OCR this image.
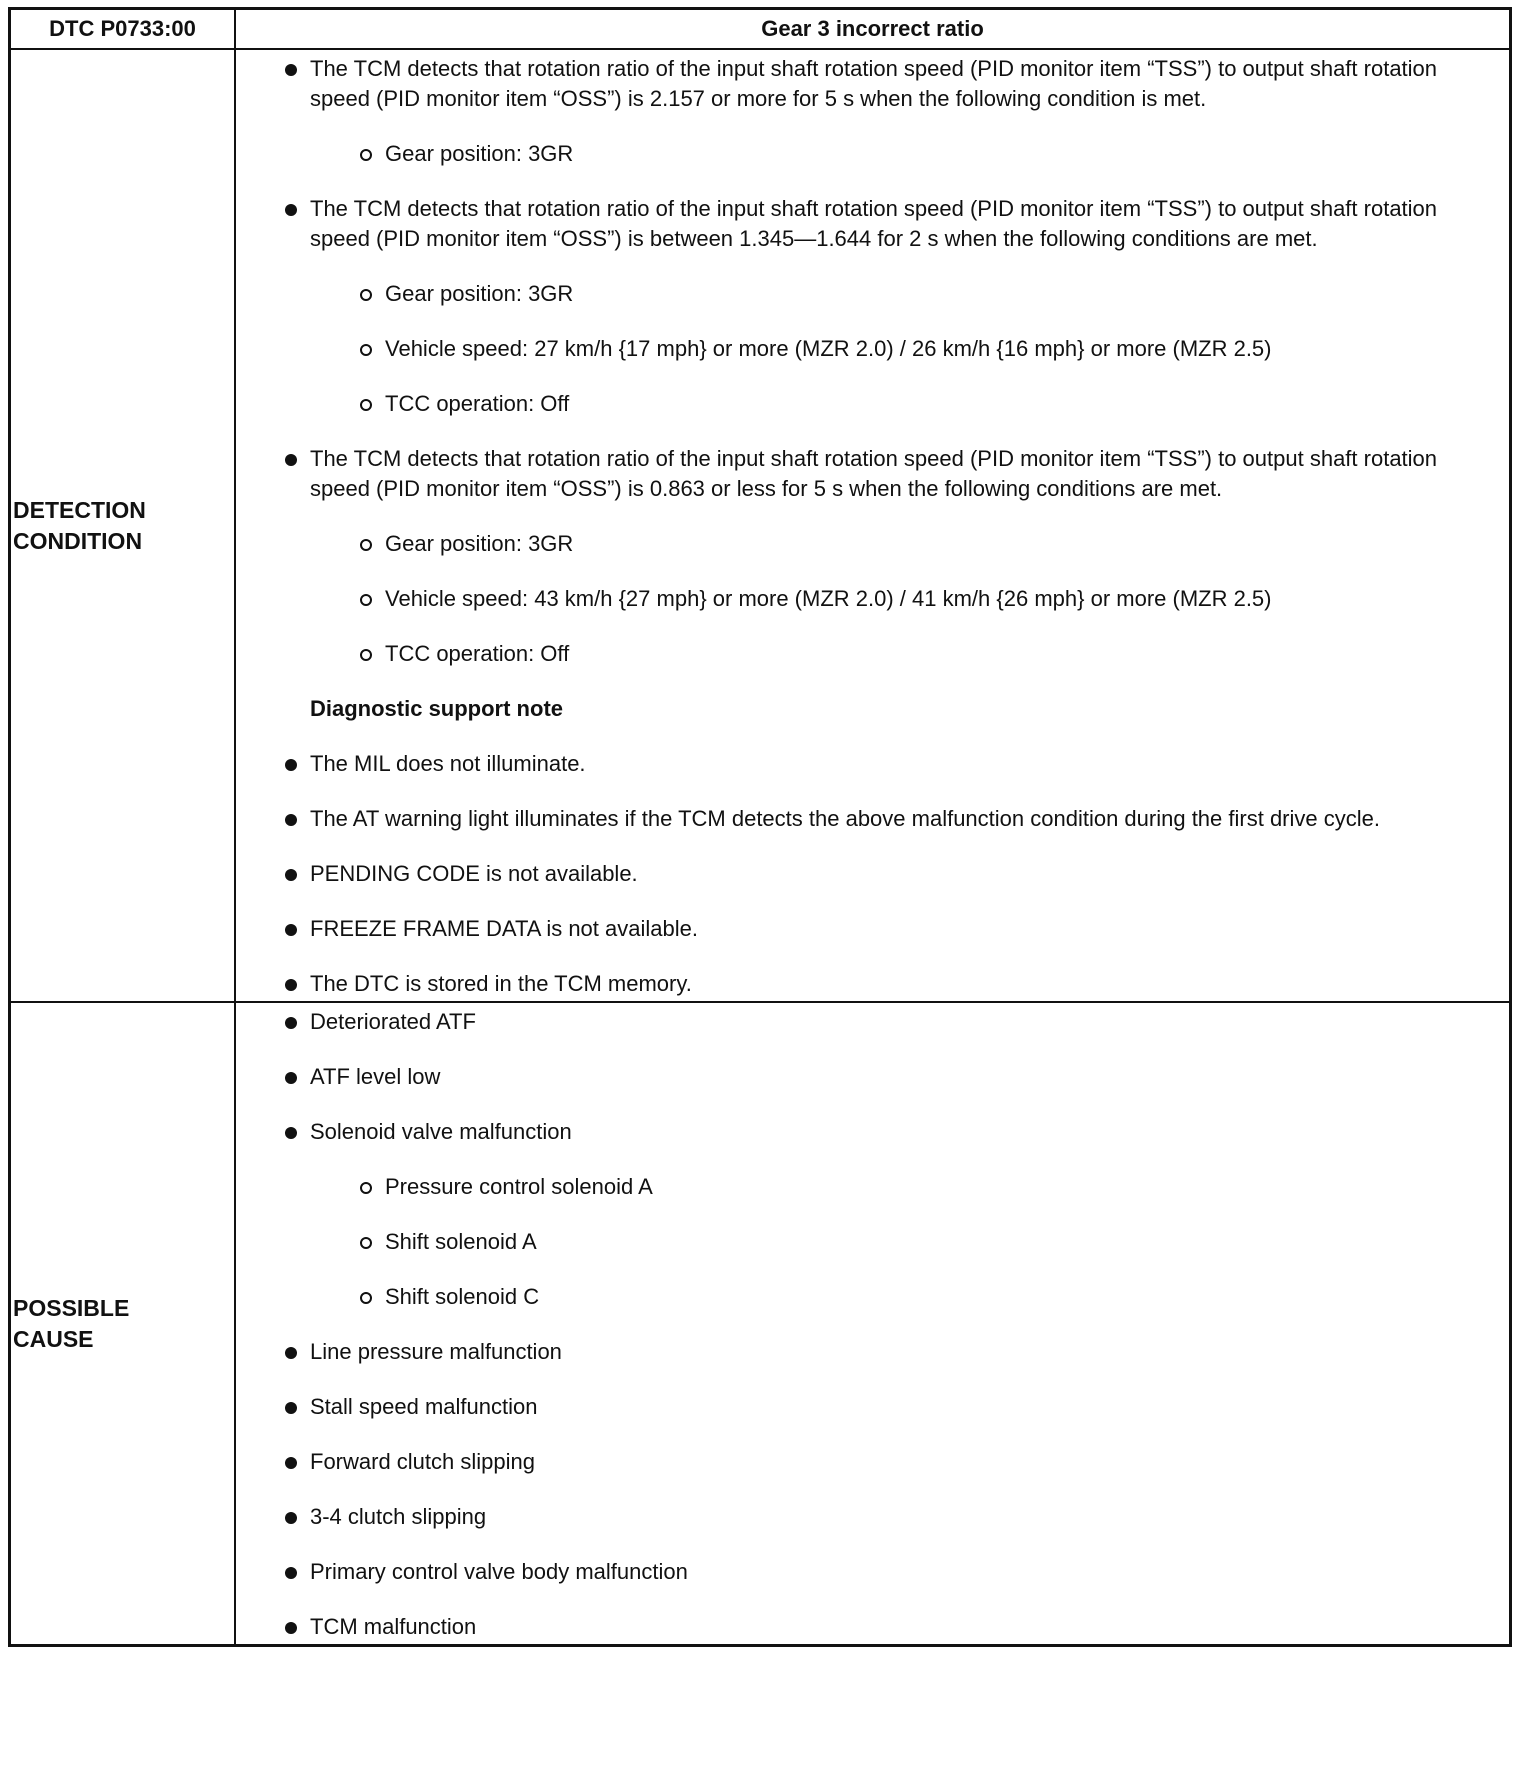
DTC P0733:00	Gear 3 incorrect ratio
DETECTION
CONDITION
The TCM detects that rotation ratio of the input shaft rotation speed (PID monitor item “TSS”) to output shaft rotation speed (PID monitor item “OSS”) is 2.157 or more for 5 s when the following condition is met.
Gear position: 3GR
The TCM detects that rotation ratio of the input shaft rotation speed (PID monitor item “TSS”) to output shaft rotation speed (PID monitor item “OSS”) is between 1.345—1.644 for 2 s when the following conditions are met.
Gear position: 3GR
Vehicle speed: 27 km/h {17 mph} or more (MZR 2.0) / 26 km/h {16 mph} or more (MZR 2.5)
TCC operation: Off
The TCM detects that rotation ratio of the input shaft rotation speed (PID monitor item “TSS”) to output shaft rotation speed (PID monitor item “OSS”) is 0.863 or less for 5 s when the following conditions are met.
Gear position: 3GR
Vehicle speed: 43 km/h {27 mph} or more (MZR 2.0) / 41 km/h {26 mph} or more (MZR 2.5)
TCC operation: Off
Diagnostic support note
The MIL does not illuminate.
The AT warning light illuminates if the TCM detects the above malfunction condition during the first drive cycle.
PENDING CODE is not available.
FREEZE FRAME DATA is not available.
The DTC is stored in the TCM memory.
POSSIBLE
CAUSE
Deteriorated ATF
ATF level low
Solenoid valve malfunction
Pressure control solenoid A
Shift solenoid A
Shift solenoid C
Line pressure malfunction
Stall speed malfunction
Forward clutch slipping
3-4 clutch slipping
Primary control valve body malfunction
TCM malfunction
